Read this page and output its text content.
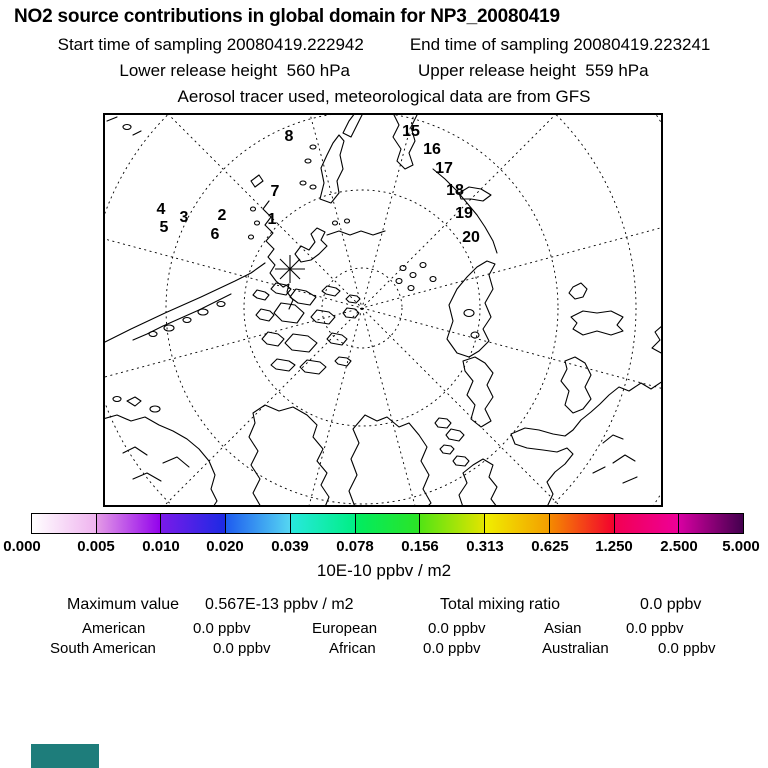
NO2 source contributions in global domain for NP3_20080419
Start time of sampling 20080419.222942	End time of sampling 20080419.223241
Lower release height  560 hPa	Upper release height  559 hPa
Aerosol tracer used, meteorological data are from GFS
1
2
3
4
5	6
7
8	15
16
17
18
19
20
0.000 0.005 0.010 0.020 0.039 0.078 0.156 0.313 0.625 1.250 2.500 5.000
10E-10 ppbv / m2
Maximum value 0.567E-13 ppbv / m2	Total mixing ratio	0.0 ppbv
American	0.0 ppbv	European	0.0 ppbv	Asian	0.0 ppbv
South American	0.0 ppbv	African	0.0 ppbv	Australian	0.0 ppbv
